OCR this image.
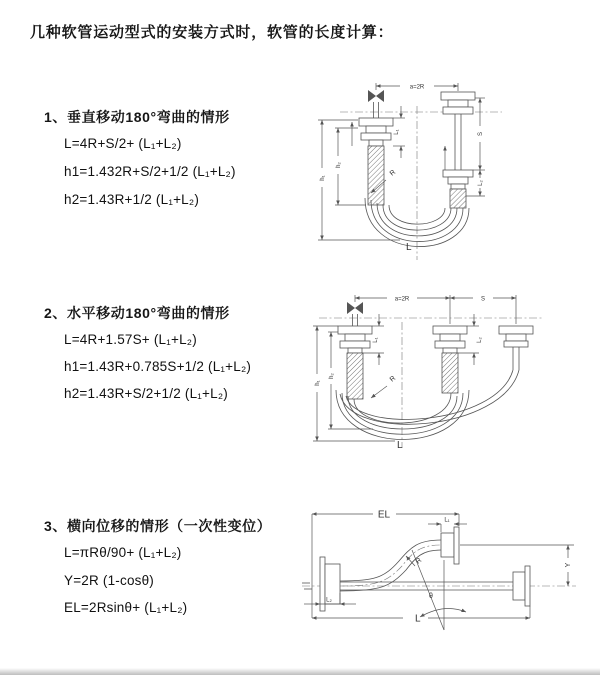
几种软管运动型式的安装方式时，软管的长度计算：
1、垂直移动180°弯曲的情形
L=4R+S/2+ (L₁+L₂)
h1=1.432R+S/2+1/2 (L₁+L₂)
h2=1.43R+1/2 (L₁+L₂)
a=2R
h₁
h₂
L₁	S
L₂
R
L
2、水平移动180°弯曲的情形
L=4R+1.57S+ (L₁+L₂)
h1=1.43R+0.785S+1/2 (L₁+L₂)
h2=1.43R+S/2+1/2 (L₁+L₂)
a=2R	S
h₁
h₂
L₁	L₂
R
L
3、横向位移的情形（一次性变位）
L=πRθ/90+ (L₁+L₂)
Y=2R (1-cosθ)
EL=2Rsinθ+ (L₁+L₂)
EL	L₁
Y
L
L₂
θ
R
